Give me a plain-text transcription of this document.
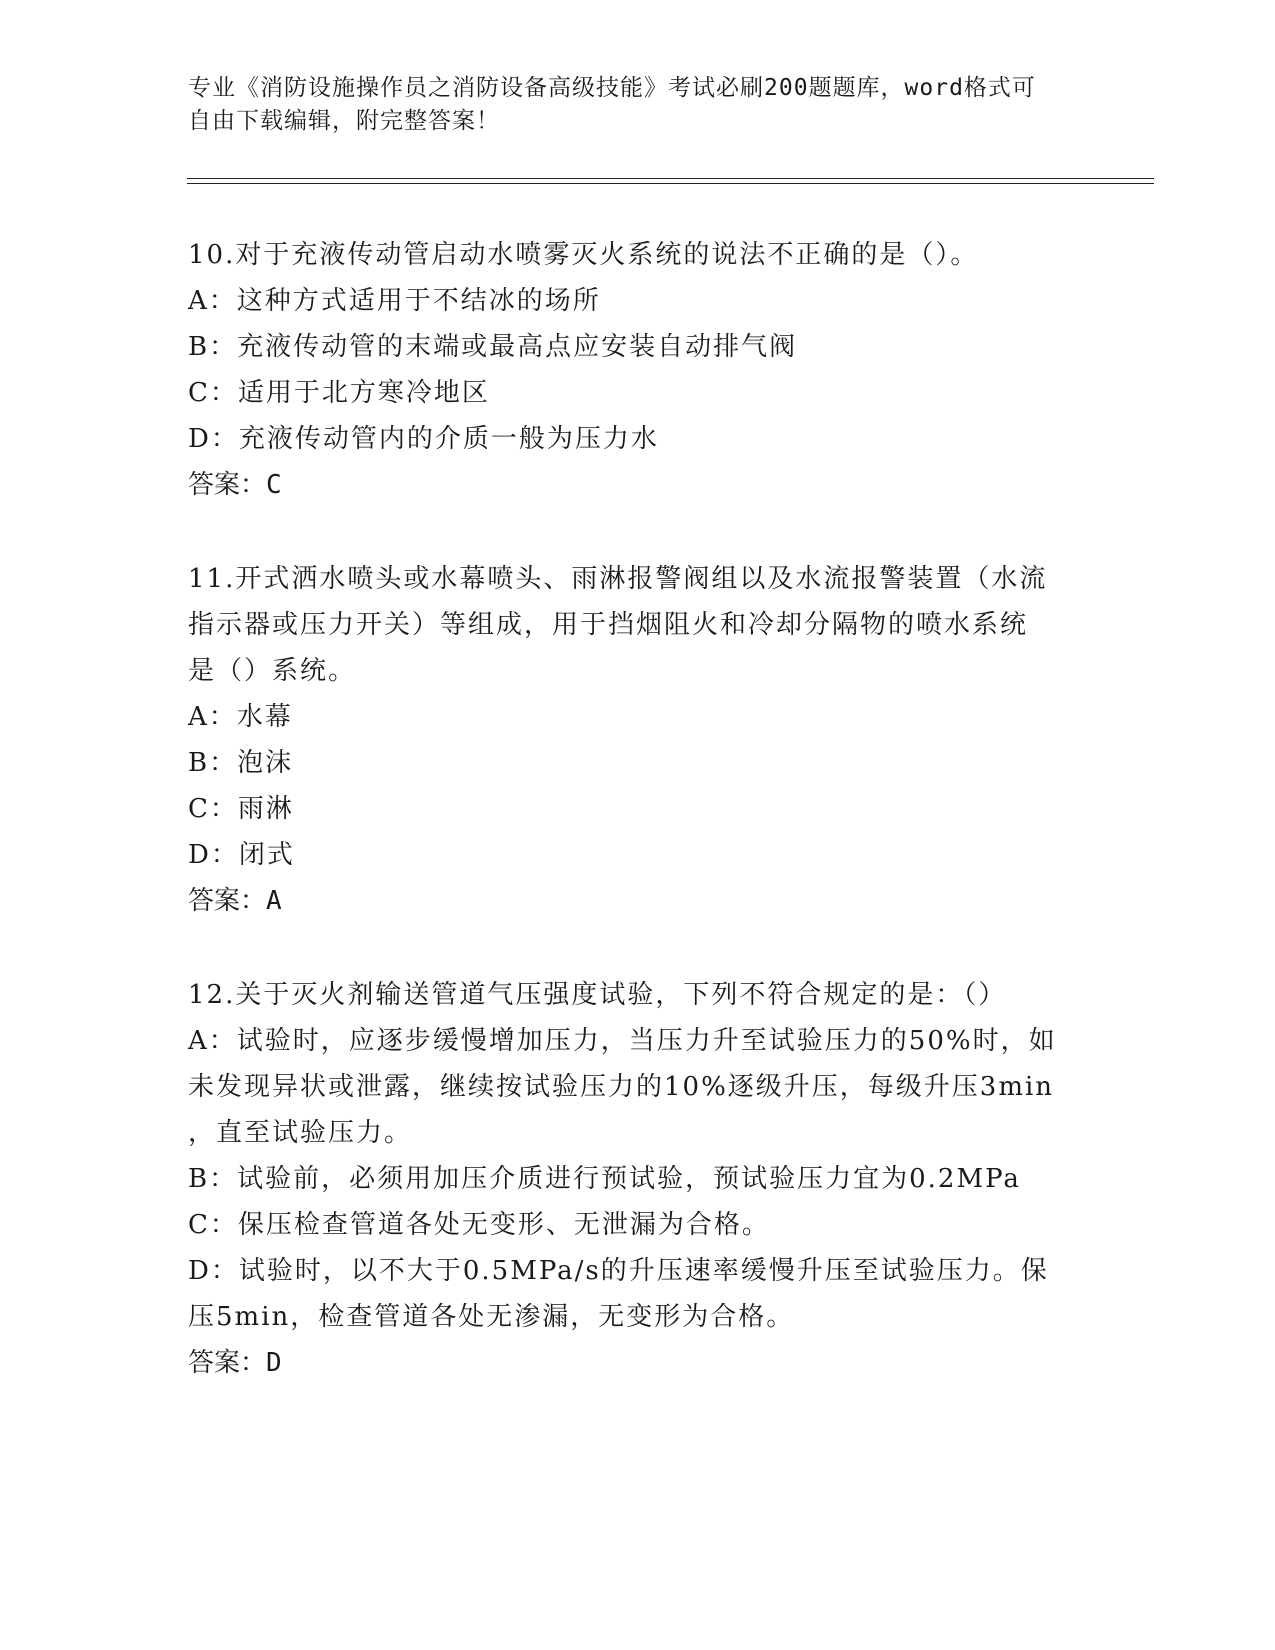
专业《消防设施操作员之消防设备高级技能》考试必刷200题题库，word格式可
自由下载编辑，附完整答案！
10.对于充液传动管启动水喷雾灭火系统的说法不正确的是（）。
A：这种方式适用于不结冰的场所
B：充液传动管的末端或最高点应安装自动排气阀
C：适用于北方寒冷地区
D：充液传动管内的介质一般为压力水
答案：C
11.开式洒水喷头或水幕喷头、雨淋报警阀组以及水流报警装置（水流
指示器或压力开关）等组成，用于挡烟阻火和冷却分隔物的喷水系统
是（）系统。
A：水幕
B：泡沫
C：雨淋
D：闭式
答案：A
12.关于灭火剂输送管道气压强度试验，下列不符合规定的是：（）
A：试验时，应逐步缓慢增加压力，当压力升至试验压力的50%时，如
未发现异状或泄露，继续按试验压力的10%逐级升压，每级升压3min
，直至试验压力。
B：试验前，必须用加压介质进行预试验，预试验压力宜为0.2MPa
C：保压检查管道各处无变形、无泄漏为合格。
D：试验时，以不大于0.5MPa/s的升压速率缓慢升压至试验压力。保
压5min，检查管道各处无渗漏，无变形为合格。
答案：D
